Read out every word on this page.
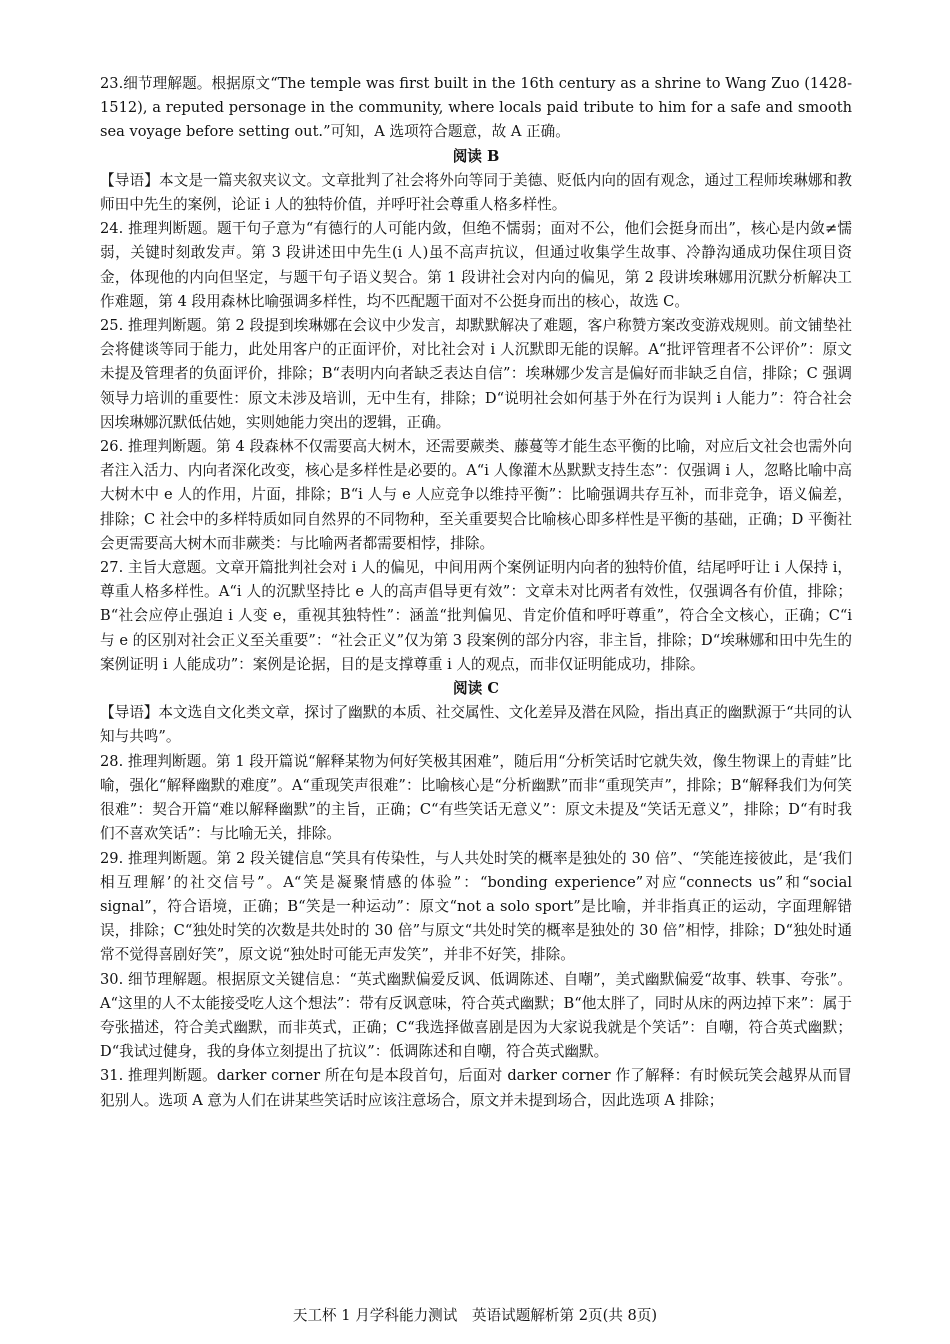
23.细节理解题。根据原文“The temple was first built in the 16th century as a shrine to Wang Zuo (1428-1512), a reputed personage in the community, where locals paid tribute to him for a safe and smooth sea voyage before setting out.”可知，A 选项符合题意，故 A 正确。

阅读 B

【导语】本文是一篇夹叙夹议文。文章批判了社会将外向等同于美德、贬低内向的固有观念，通过工程师埃琳娜和教师田中先生的案例，论证 i 人的独特价值，并呼吁社会尊重人格多样性。

24. 推理判断题。题干句子意为“有德行的人可能内敛，但绝不懦弱；面对不公，他们会挺身而出”，核心是内敛≠懦弱，关键时刻敢发声。第 3 段讲述田中先生(i 人)虽不高声抗议，但通过收集学生故事、冷静沟通成功保住项目资金，体现他的内向但坚定，与题干句子语义契合。第 1 段讲社会对内向的偏见，第 2 段讲埃琳娜用沉默分析解决工作难题，第 4 段用森林比喻强调多样性，均不匹配题干面对不公挺身而出的核心，故选 C。

25. 推理判断题。第 2 段提到埃琳娜在会议中少发言，却默默解决了难题，客户称赞方案改变游戏规则。前文铺垫社会将健谈等同于能力，此处用客户的正面评价，对比社会对 i 人沉默即无能的误解。A“批评管理者不公评价”：原文未提及管理者的负面评价，排除；B“表明内向者缺乏表达自信”：埃琳娜少发言是偏好而非缺乏自信，排除；C 强调领导力培训的重要性：原文未涉及培训，无中生有，排除；D“说明社会如何基于外在行为误判 i 人能力”：符合社会因埃琳娜沉默低估她，实则她能力突出的逻辑，正确。

26. 推理判断题。第 4 段森林不仅需要高大树木，还需要蕨类、藤蔓等才能生态平衡的比喻，对应后文社会也需外向者注入活力、内向者深化改变，核心是多样性是必要的。A“i 人像灌木丛默默支持生态”：仅强调 i 人，忽略比喻中高大树木中 e 人的作用，片面，排除；B“i 人与 e 人应竞争以维持平衡”：比喻强调共存互补，而非竞争，语义偏差，排除；C 社会中的多样特质如同自然界的不同物种，至关重要契合比喻核心即多样性是平衡的基础，正确；D 平衡社会更需要高大树木而非蕨类：与比喻两者都需要相悖，排除。

27. 主旨大意题。文章开篇批判社会对 i 人的偏见，中间用两个案例证明内向者的独特价值，结尾呼吁让 i 人保持 i，尊重人格多样性。A“i 人的沉默坚持比 e 人的高声倡导更有效”：文章未对比两者有效性，仅强调各有价值，排除；B“社会应停止强迫 i 人变 e，重视其独特性”：涵盖“批判偏见、肯定价值和呼吁尊重”，符合全文核心，正确；C“i 与 e 的区别对社会正义至关重要”：“社会正义”仅为第 3 段案例的部分内容，非主旨，排除；D“埃琳娜和田中先生的案例证明 i 人能成功”：案例是论据，目的是支撑尊重 i 人的观点，而非仅证明能成功，排除。

阅读 C

【导语】本文选自文化类文章，探讨了幽默的本质、社交属性、文化差异及潜在风险，指出真正的幽默源于“共同的认知与共鸣”。

28. 推理判断题。第 1 段开篇说“解释某物为何好笑极其困难”，随后用“分析笑话时它就失效，像生物课上的青蛙”比喻，强化“解释幽默的难度”。A“重现笑声很难”：比喻核心是“分析幽默”而非“重现笑声”，排除；B“解释我们为何笑很难”：契合开篇“难以解释幽默”的主旨，正确；C“有些笑话无意义”：原文未提及“笑话无意义”，排除；D“有时我们不喜欢笑话”：与比喻无关，排除。

29. 推理判断题。第 2 段关键信息“笑具有传染性，与人共处时笑的概率是独处的 30 倍”、“笑能连接彼此，是‘我们相互理解’的社交信号”。A“笑是凝聚情感的体验”：“bonding experience”对应“connects us”和“social signal”，符合语境，正确；B“笑是一种运动”：原文“not a solo sport”是比喻，并非指真正的运动，字面理解错误，排除；C“独处时笑的次数是共处时的 30 倍”与原文“共处时笑的概率是独处的 30 倍”相悖，排除；D“独处时通常不觉得喜剧好笑”，原文说“独处时可能无声发笑”，并非不好笑，排除。

30. 细节理解题。根据原文关键信息：“英式幽默偏爱反讽、低调陈述、自嘲”，美式幽默偏爱“故事、轶事、夸张”。A“这里的人不太能接受吃人这个想法”：带有反讽意味，符合英式幽默；B“他太胖了，同时从床的两边掉下来”：属于夸张描述，符合美式幽默，而非英式，正确；C“我选择做喜剧是因为大家说我就是个笑话”：自嘲，符合英式幽默；D“我试过健身，我的身体立刻提出了抗议”：低调陈述和自嘲，符合英式幽默。

31. 推理判断题。darker corner 所在句是本段首句，后面对 darker corner 作了解释：有时候玩笑会越界从而冒犯别人。选项 A 意为人们在讲某些笑话时应该注意场合，原文并未提到场合，因此选项 A 排除；

天工杯 1 月学科能力测试　英语试题解析第 2页(共 8页)
